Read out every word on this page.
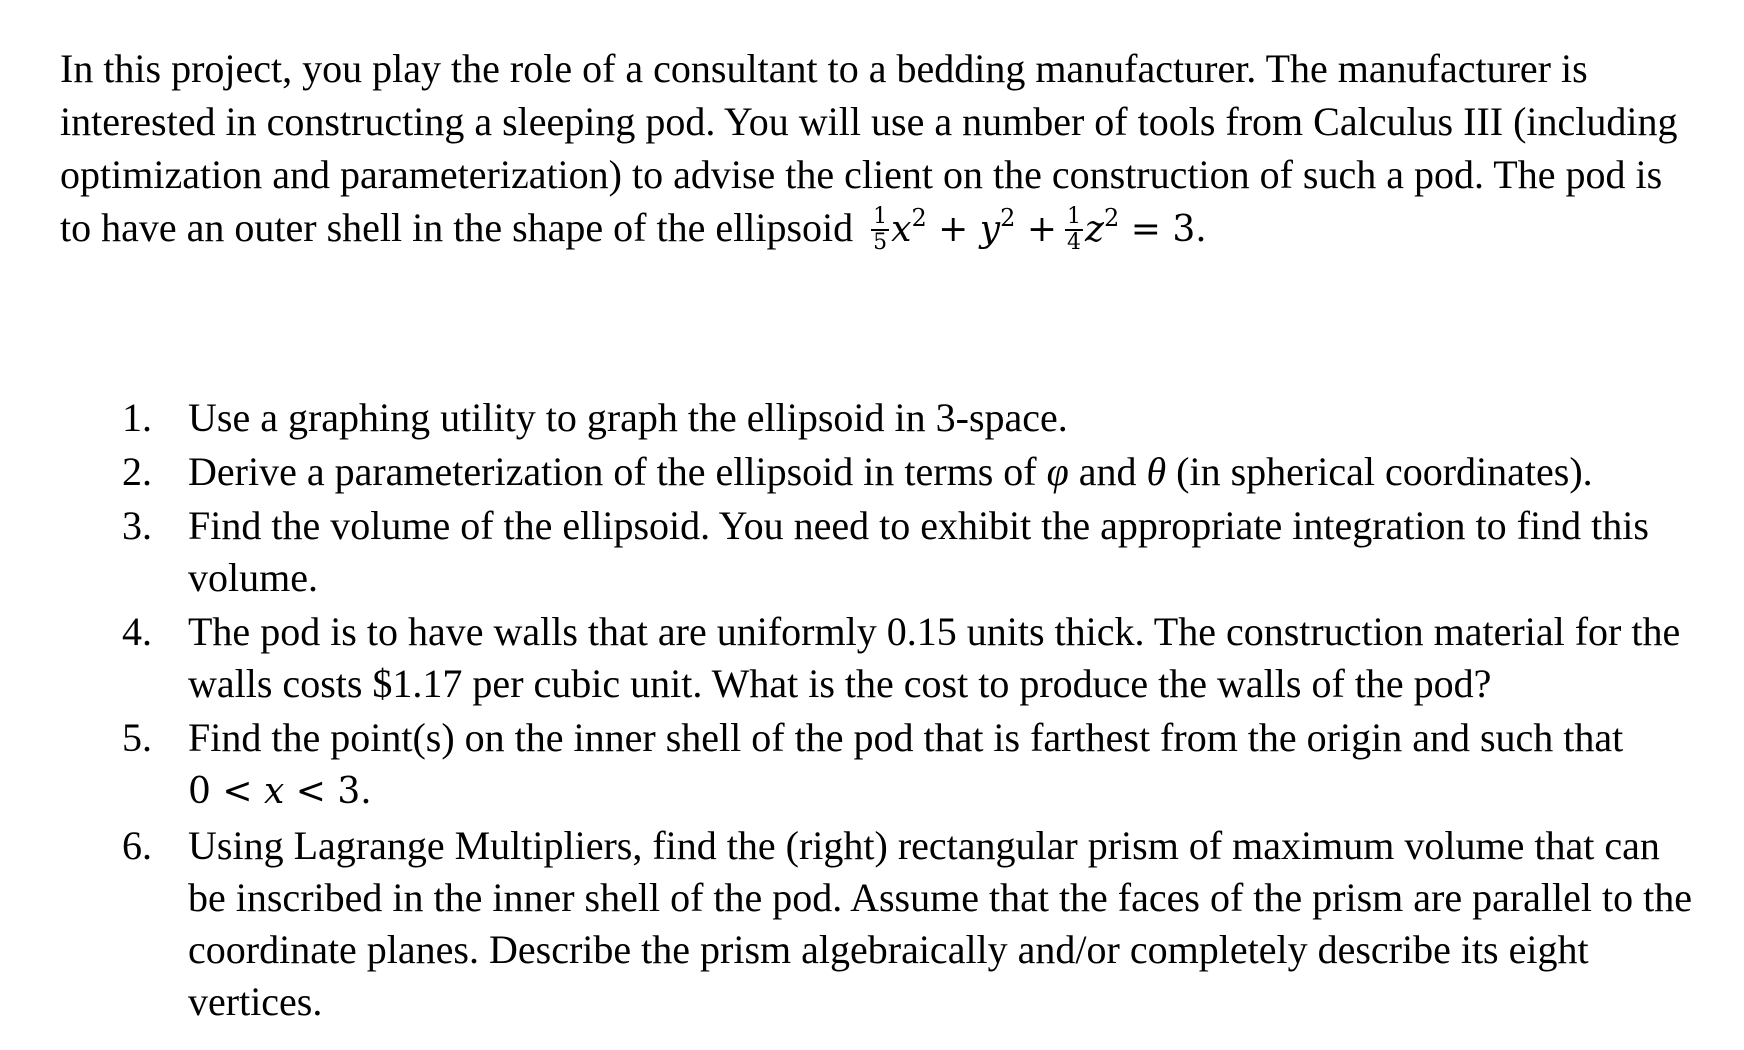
In this project, you play the role of a consultant to a bedding manufacturer. The manufacturer is interested in constructing a sleeping pod. You will use a number of tools from Calculus III (including optimization and parameterization) to advise the client on the construction of such a pod. The pod is to have an outer shell in the shape of the ellipsoid $\frac{1}{5} x^2 + y^2 + \frac{1}{4} z^2 = 3$.

1. Use a graphing utility to graph the ellipsoid in 3-space.
2. Derive a parameterization of the ellipsoid in terms of φ and θ (in spherical coordinates).
3. Find the volume of the ellipsoid. You need to exhibit the appropriate integration to find this volume.
4. The pod is to have walls that are uniformly 0.15 units thick. The construction material for the walls costs $1.17 per cubic unit. What is the cost to produce the walls of the pod?
5. Find the point(s) on the inner shell of the pod that is farthest from the origin and such that 0 < x < 3.
6. Using Lagrange Multipliers, find the (right) rectangular prism of maximum volume that can be inscribed in the inner shell of the pod. Assume that the faces of the prism are parallel to the coordinate planes. Describe the prism algebraically and/or completely describe its eight vertices.
